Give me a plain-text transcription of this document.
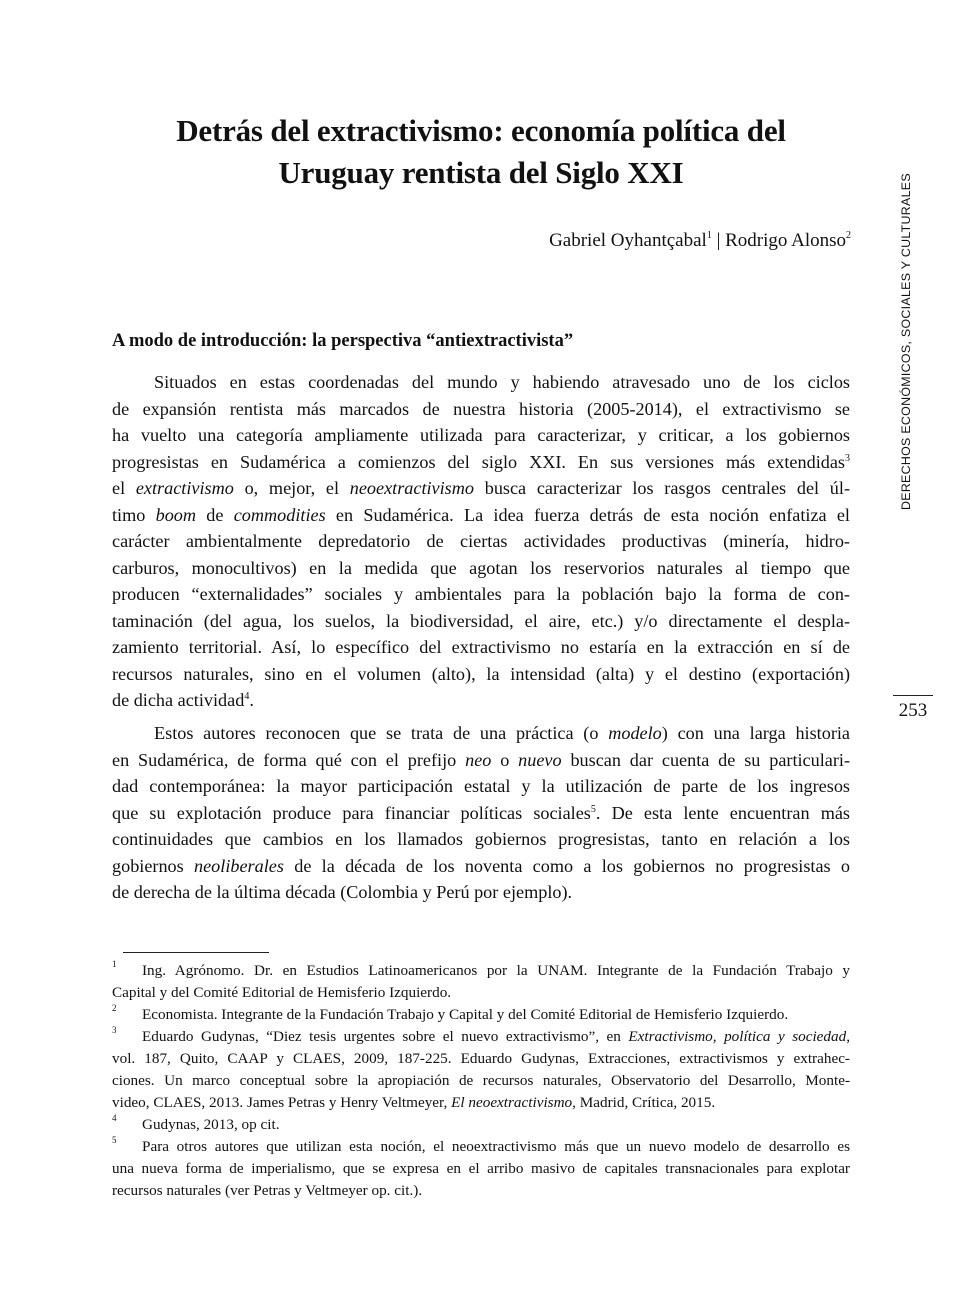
Detrás del extractivismo: economía política del
Uruguay rentista del Siglo XXI
Gabriel Oyhantçabal$^1$ | Rodrigo Alonso$^2$
A modo de introducción: la perspectiva “antiextractivista”
Situados en estas coordenadas del mundo y habiendo atravesado uno de los ciclos
de expansión rentista más marcados de nuestra historia (2005-2014), el extractivismo se
ha vuelto una categoría ampliamente utilizada para caracterizar, y criticar, a los gobiernos
progresistas en Sudamérica a comienzos del siglo XXI. En sus versiones más extendidas$^3$
el extractivismo o, mejor, el neoextractivismo busca caracterizar los rasgos centrales del úl-
timo boom de commodities en Sudamérica. La idea fuerza detrás de esta noción enfatiza el
carácter ambientalmente depredatorio de ciertas actividades productivas (minería, hidro-
carburos, monocultivos) en la medida que agotan los reservorios naturales al tiempo que
producen “externalidades” sociales y ambientales para la población bajo la forma de con-
taminación (del agua, los suelos, la biodiversidad, el aire, etc.) y/o directamente el despla-
zamiento territorial. Así, lo específico del extractivismo no estaría en la extracción en sí de
recursos naturales, sino en el volumen (alto), la intensidad (alta) y el destino (exportación)
de dicha actividad$^4$.
Estos autores reconocen que se trata de una práctica (o modelo) con una larga historia
en Sudamérica, de forma qué con el prefijo neo o nuevo buscan dar cuenta de su particulari-
dad contemporánea: la mayor participación estatal y la utilización de parte de los ingresos
que su explotación produce para financiar políticas sociales$^5$. De esta lente encuentran más
continuidades que cambios en los llamados gobiernos progresistas, tanto en relación a los
gobiernos neoliberales de la década de los noventa como a los gobiernos no progresistas o
de derecha de la última década (Colombia y Perú por ejemplo).
DERECHOS ECONÓMICOS, SOCIALES Y CULTURALES
253
1 Ing. Agrónomo. Dr. en Estudios Latinoamericanos por la UNAM. Integrante de la Fundación Trabajo y
Capital y del Comité Editorial de Hemisferio Izquierdo.
2 Economista. Integrante de la Fundación Trabajo y Capital y del Comité Editorial de Hemisferio Izquierdo.
3 Eduardo Gudynas, “Diez tesis urgentes sobre el nuevo extractivismo”, en Extractivismo, política y sociedad,
vol. 187, Quito, CAAP y CLAES, 2009, 187-225. Eduardo Gudynas, Extracciones, extractivismos y extrahec-
ciones. Un marco conceptual sobre la apropiación de recursos naturales, Observatorio del Desarrollo, Monte-
video, CLAES, 2013. James Petras y Henry Veltmeyer, El neoextractivismo, Madrid, Crítica, 2015.
4 Gudynas, 2013, op cit.
5 Para otros autores que utilizan esta noción, el neoextractivismo más que un nuevo modelo de desarrollo es
una nueva forma de imperialismo, que se expresa en el arribo masivo de capitales transnacionales para explotar
recursos naturales (ver Petras y Veltmeyer op. cit.).
